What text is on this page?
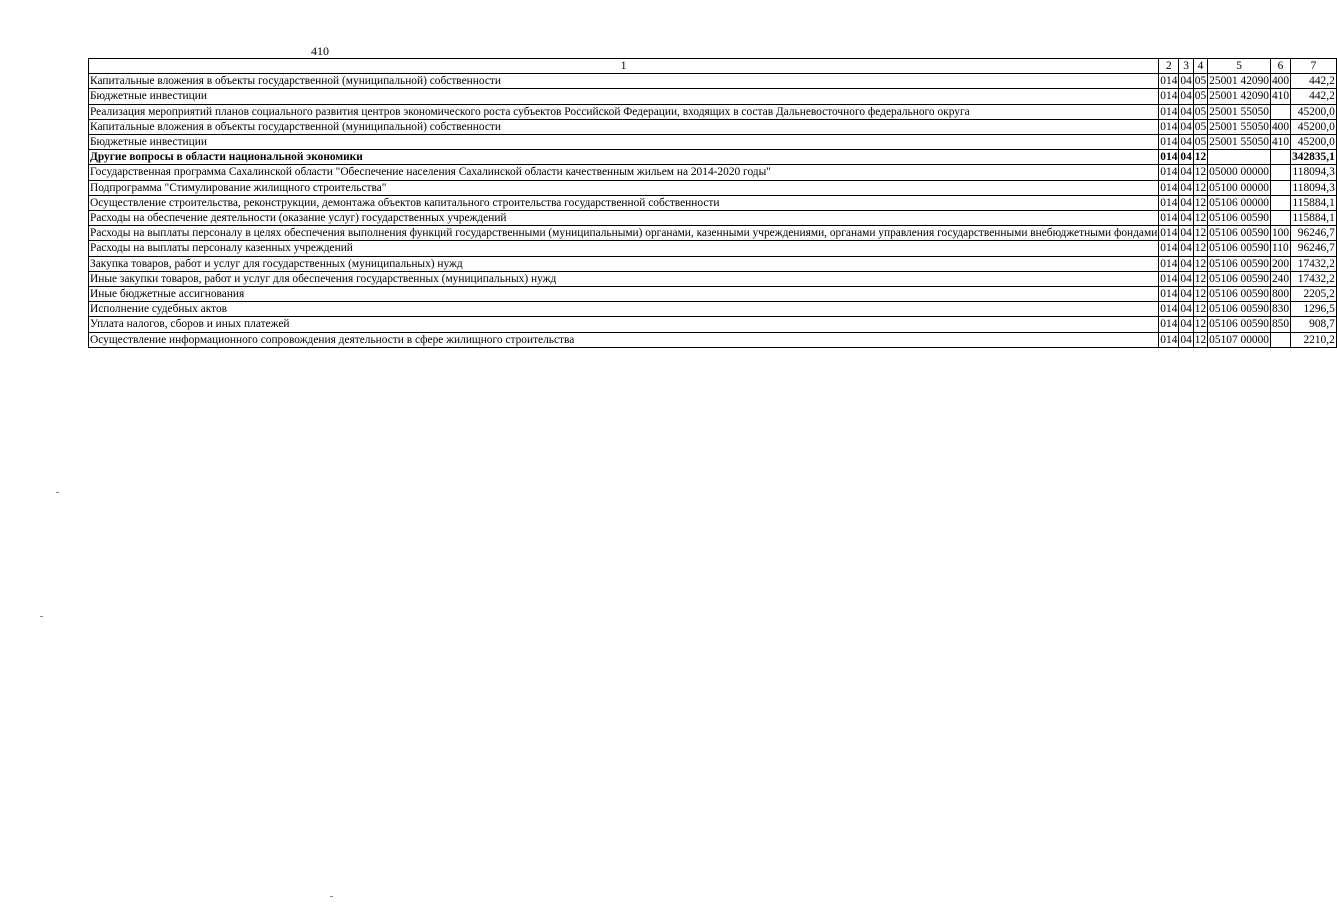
410
1	2	3	4	5	6	7
Капитальные вложения в объекты государственной (муниципальной) собственности	014	04	05	25001 42090	400	442,2
Бюджетные инвестиции	014	04	05	25001 42090	410	442,2
Реализация мероприятий планов социального развития центров экономического роста субъектов Российской Федерации, входящих в состав Дальневосточного федерального округа	014	04	05	25001 55050		45200,0
Капитальные вложения в объекты государственной (муниципальной) собственности	014	04	05	25001 55050	400	45200,0
Бюджетные инвестиции	014	04	05	25001 55050	410	45200,0
Другие вопросы в области национальной экономики	014	04	12			342835,1
Государственная программа Сахалинской области "Обеспечение населения Сахалинской области качественным жильем на 2014-2020 годы"	014	04	12	05000 00000		118094,3
Подпрограмма "Стимулирование жилищного строительства"	014	04	12	05100 00000		118094,3
Осуществление строительства, реконструкции, демонтажа объектов капитального строительства государственной собственности	014	04	12	05106 00000		115884,1
Расходы на обеспечение деятельности (оказание услуг) государственных учреждений	014	04	12	05106 00590		115884,1
Расходы на выплаты персоналу в целях обеспечения выполнения функций государственными (муниципальными) органами, казенными учреждениями, органами управления государственными внебюджетными фондами	014	04	12	05106 00590	100	96246,7
Расходы на выплаты персоналу казенных учреждений	014	04	12	05106 00590	110	96246,7
Закупка товаров, работ и услуг для государственных (муниципальных) нужд	014	04	12	05106 00590	200	17432,2
Иные закупки товаров, работ и услуг для обеспечения государственных (муниципальных) нужд	014	04	12	05106 00590	240	17432,2
Иные бюджетные ассигнования	014	04	12	05106 00590	800	2205,2
Исполнение судебных актов	014	04	12	05106 00590	830	1296,5
Уплата налогов, сборов и иных платежей	014	04	12	05106 00590	850	908,7
Осуществление информационного сопровождения деятельности в сфере жилищного строительства	014	04	12	05107 00000		2210,2
